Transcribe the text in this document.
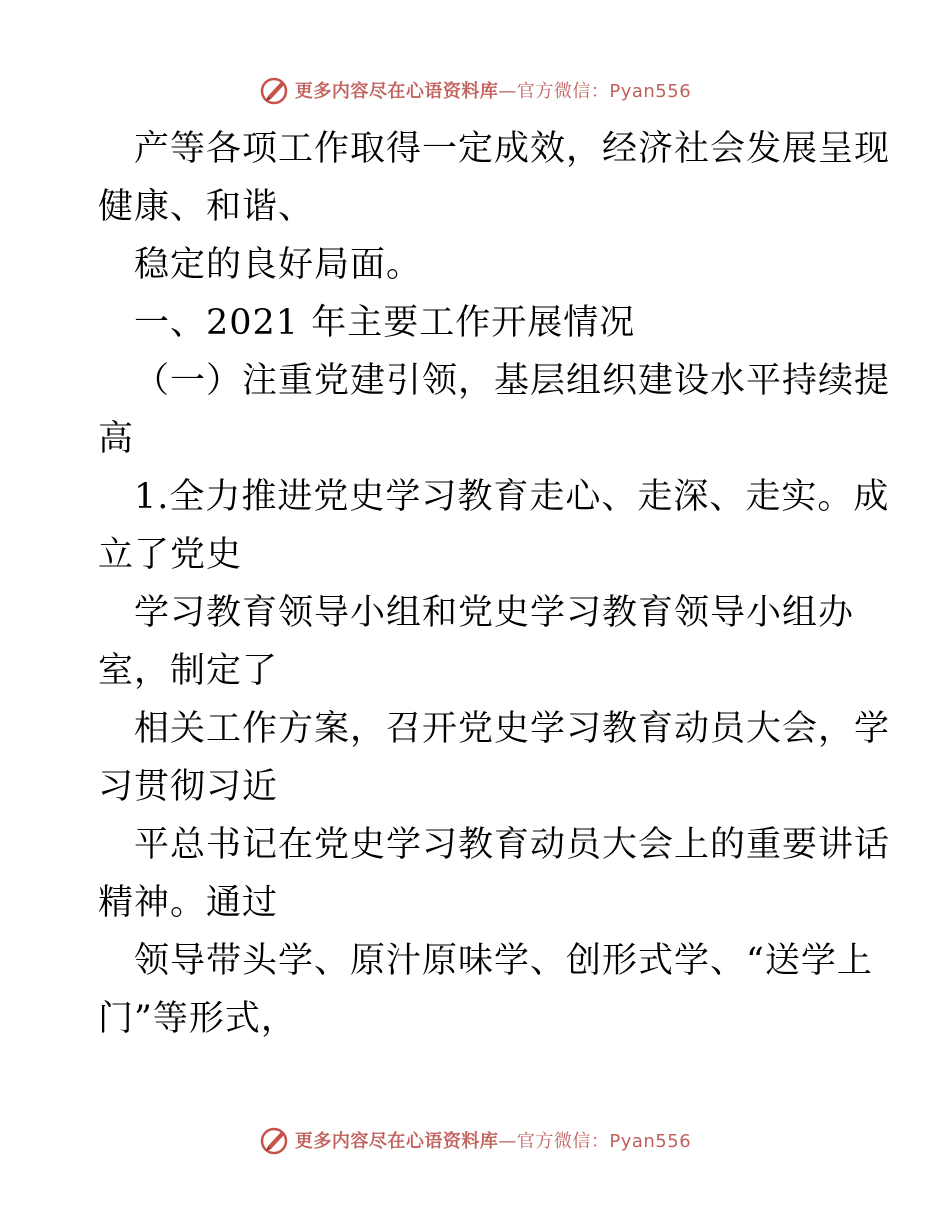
更多内容尽在心语资料库—官方微信：Pyan556
产等各项工作取得一定成效，经济社会发展呈现
健康、和谐、
稳定的良好局面。
一、2021 年主要工作开展情况
（一）注重党建引领，基层组织建设水平持续提
高
1.全力推进党史学习教育走心、走深、走实。成
立了党史
学习教育领导小组和党史学习教育领导小组办
室，制定了
相关工作方案，召开党史学习教育动员大会，学
习贯彻习近
平总书记在党史学习教育动员大会上的重要讲话
精神。通过
领导带头学、原汁原味学、创形式学、“送学上
门”等形式，
更多内容尽在心语资料库—官方微信：Pyan556
